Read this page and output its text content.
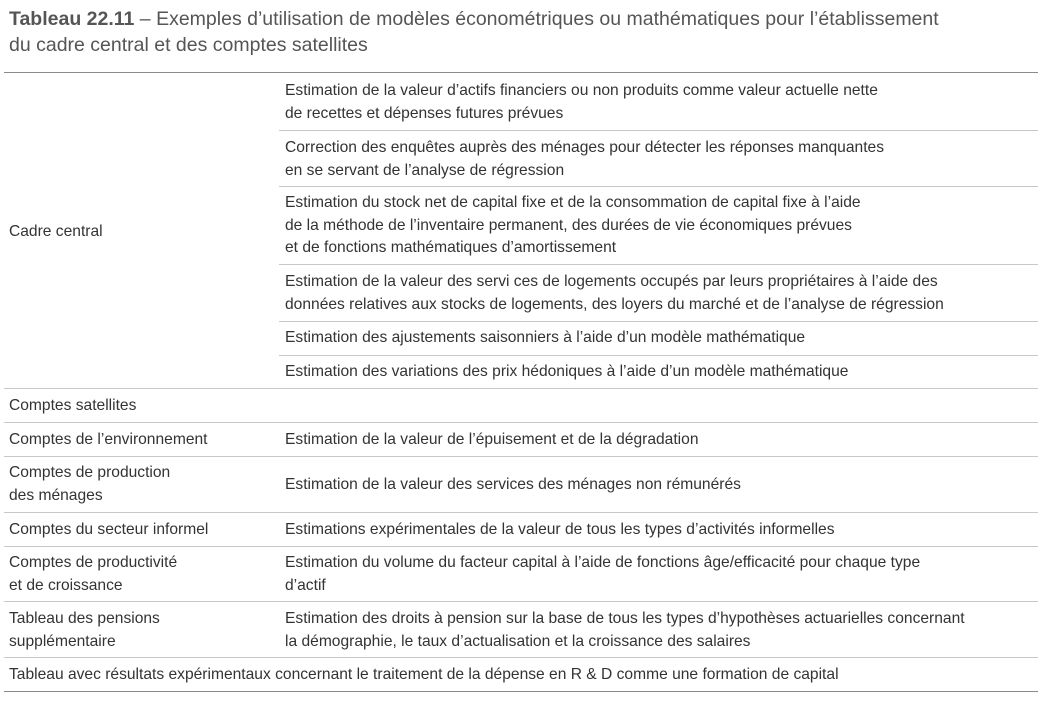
Tableau 22.11 – Exemples d’utilisation de modèles économétriques ou mathématiques pour l’établissement
du cadre central et des comptes satellites
Cadre central
Estimation de la valeur d’actifs financiers ou non produits comme valeur actuelle nette
de recettes et dépenses futures prévues
Correction des enquêtes auprès des ménages pour détecter les réponses manquantes
en se servant de l’analyse de régression
Estimation du stock net de capital fixe et de la consommation de capital fixe à l’aide
de la méthode de l’inventaire permanent, des durées de vie économiques prévues
et de fonctions mathématiques d’amortissement
Estimation de la valeur des servi ces de logements occupés par leurs propriétaires à l’aide des
données relatives aux stocks de logements, des loyers du marché et de l’analyse de régression
Estimation des ajustements saisonniers à l’aide d’un modèle mathématique
Estimation des variations des prix hédoniques à l’aide d’un modèle mathématique
Comptes satellites
Comptes de l’environnement	Estimation de la valeur de l’épuisement et de la dégradation
Comptes de production
des ménages
Estimation de la valeur des services des ménages non rémunérés
Comptes du secteur informel	Estimations expérimentales de la valeur de tous les types d’activités informelles
Comptes de productivité
et de croissance
Estimation du volume du facteur capital à l’aide de fonctions âge/efficacité pour chaque type
d’actif
Tableau des pensions
supplémentaire
Estimation des droits à pension sur la base de tous les types d’hypothèses actuarielles concernant
la démographie, le taux d’actualisation et la croissance des salaires
Tableau avec résultats expérimentaux concernant le traitement de la dépense en R & D comme une formation de capital
